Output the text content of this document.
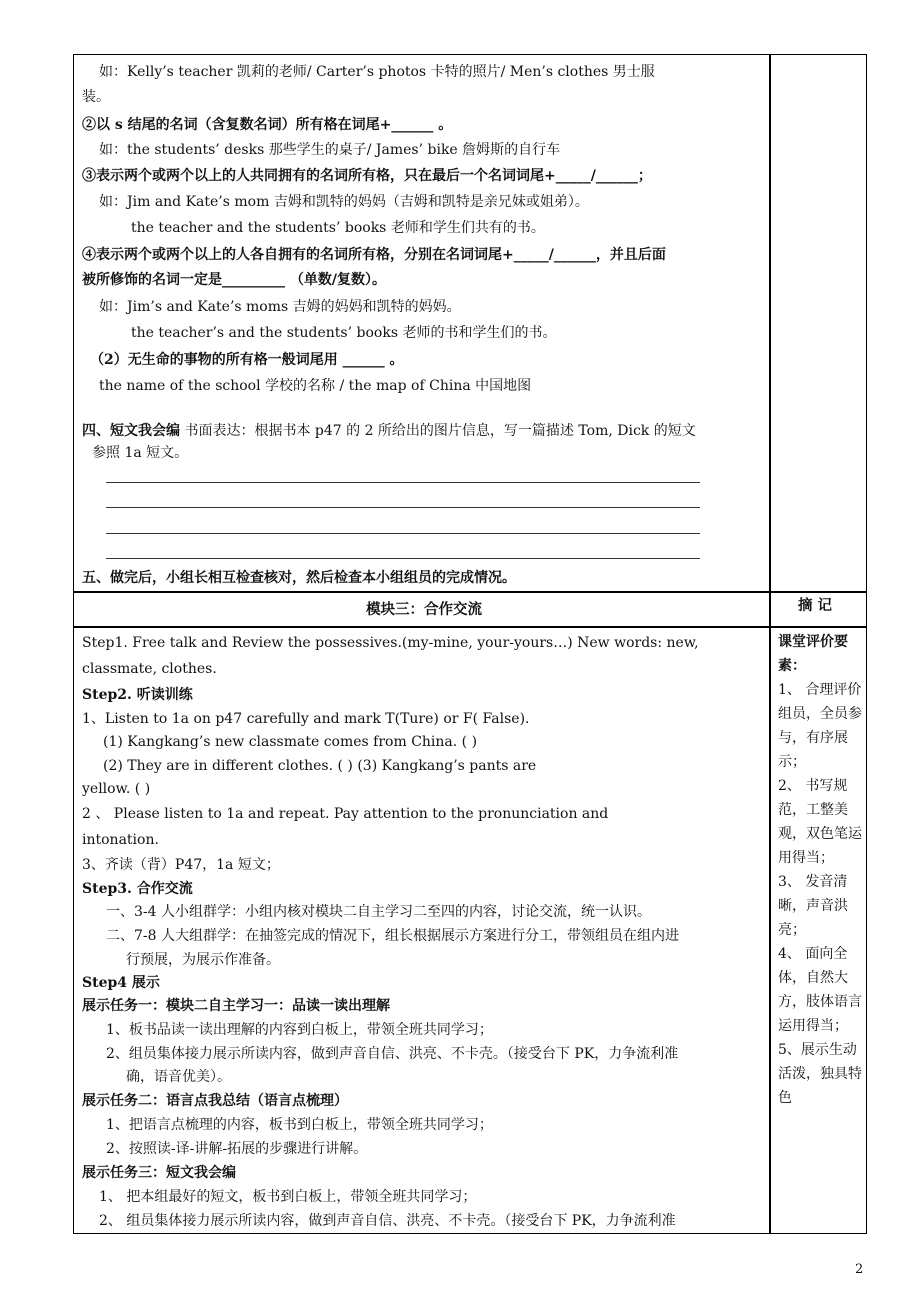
如：Kelly’s teacher 凯莉的老师/ Carter’s photos 卡特的照片/ Men’s clothes 男士服
装。
②以 s 结尾的名词（含复数名词）所有格在词尾+______ 。
如：the students’ desks 那些学生的桌子/ James’ bike 詹姆斯的自行车
③表示两个或两个以上的人共同拥有的名词所有格，只在最后一个名词词尾+_____/______；
如：Jim and Kate’s mom 吉姆和凯特的妈妈（吉姆和凯特是亲兄妹或姐弟）。
the teacher and the students’ books 老师和学生们共有的书。
④表示两个或两个以上的人各自拥有的名词所有格，分别在名词词尾+_____/______，并且后面
被所修饰的名词一定是_________ （单数/复数）。
如：Jim’s and Kate’s moms 吉姆的妈妈和凯特的妈妈。
the teacher’s and the students’ books 老师的书和学生们的书。
（2）无生命的事物的所有格一般词尾用 ______ 。
the name of the school 学校的名称 / the map of China 中国地图
四、短文我会编 书面表达：根据书本 p47 的 2 所给出的图片信息，写一篇描述 Tom, Dick 的短文
参照 1a 短文。
五、做完后，小组长相互检查核对，然后检查本小组组员的完成情况。
模块三：合作交流	摘 记
Step1. Free talk and Review the possessives.(my-mine, your-yours…) New words: new,
classmate, clothes.
Step2. 听读训练
1、Listen to 1a on p47 carefully and mark T(Ture) or F( False).
(1) Kangkang’s new classmate comes from China. ( )
(2) They are in different clothes. ( ) (3) Kangkang’s pants are
yellow. ( )
2 、 Please listen to 1a and repeat. Pay attention to the pronunciation and
intonation.
3、齐读（背）P47，1a 短文；
Step3. 合作交流
一、3-4 人小组群学：小组内核对模块二自主学习二至四的内容，讨论交流，统一认识。
二、7-8 人大组群学：在抽签完成的情况下，组长根据展示方案进行分工，带领组员在组内进
行预展，为展示作准备。
Step4 展示
展示任务一：模块二自主学习一：品读一读出理解
1、板书品读一读出理解的内容到白板上，带领全班共同学习；
2、组员集体接力展示所读内容，做到声音自信、洪亮、不卡壳。（接受台下 PK，力争流利准
确，语音优美）。
展示任务二：语言点我总结（语言点梳理）
1、把语言点梳理的内容，板书到白板上，带领全班共同学习；
2、按照读-译-讲解-拓展的步骤进行讲解。
展示任务三：短文我会编
1、 把本组最好的短文，板书到白板上，带领全班共同学习；
2、 组员集体接力展示所读内容，做到声音自信、洪亮、不卡壳。（接受台下 PK，力争流利准
课堂评价要素：
1、 合理评价组员，全员参与，有序展示；
2、 书写规范，工整美观，双色笔运用得当；
3、 发音清晰，声音洪亮；
4、 面向全体，自然大方，肢体语言运用得当；
5、展示生动活泼，独具特色
2
